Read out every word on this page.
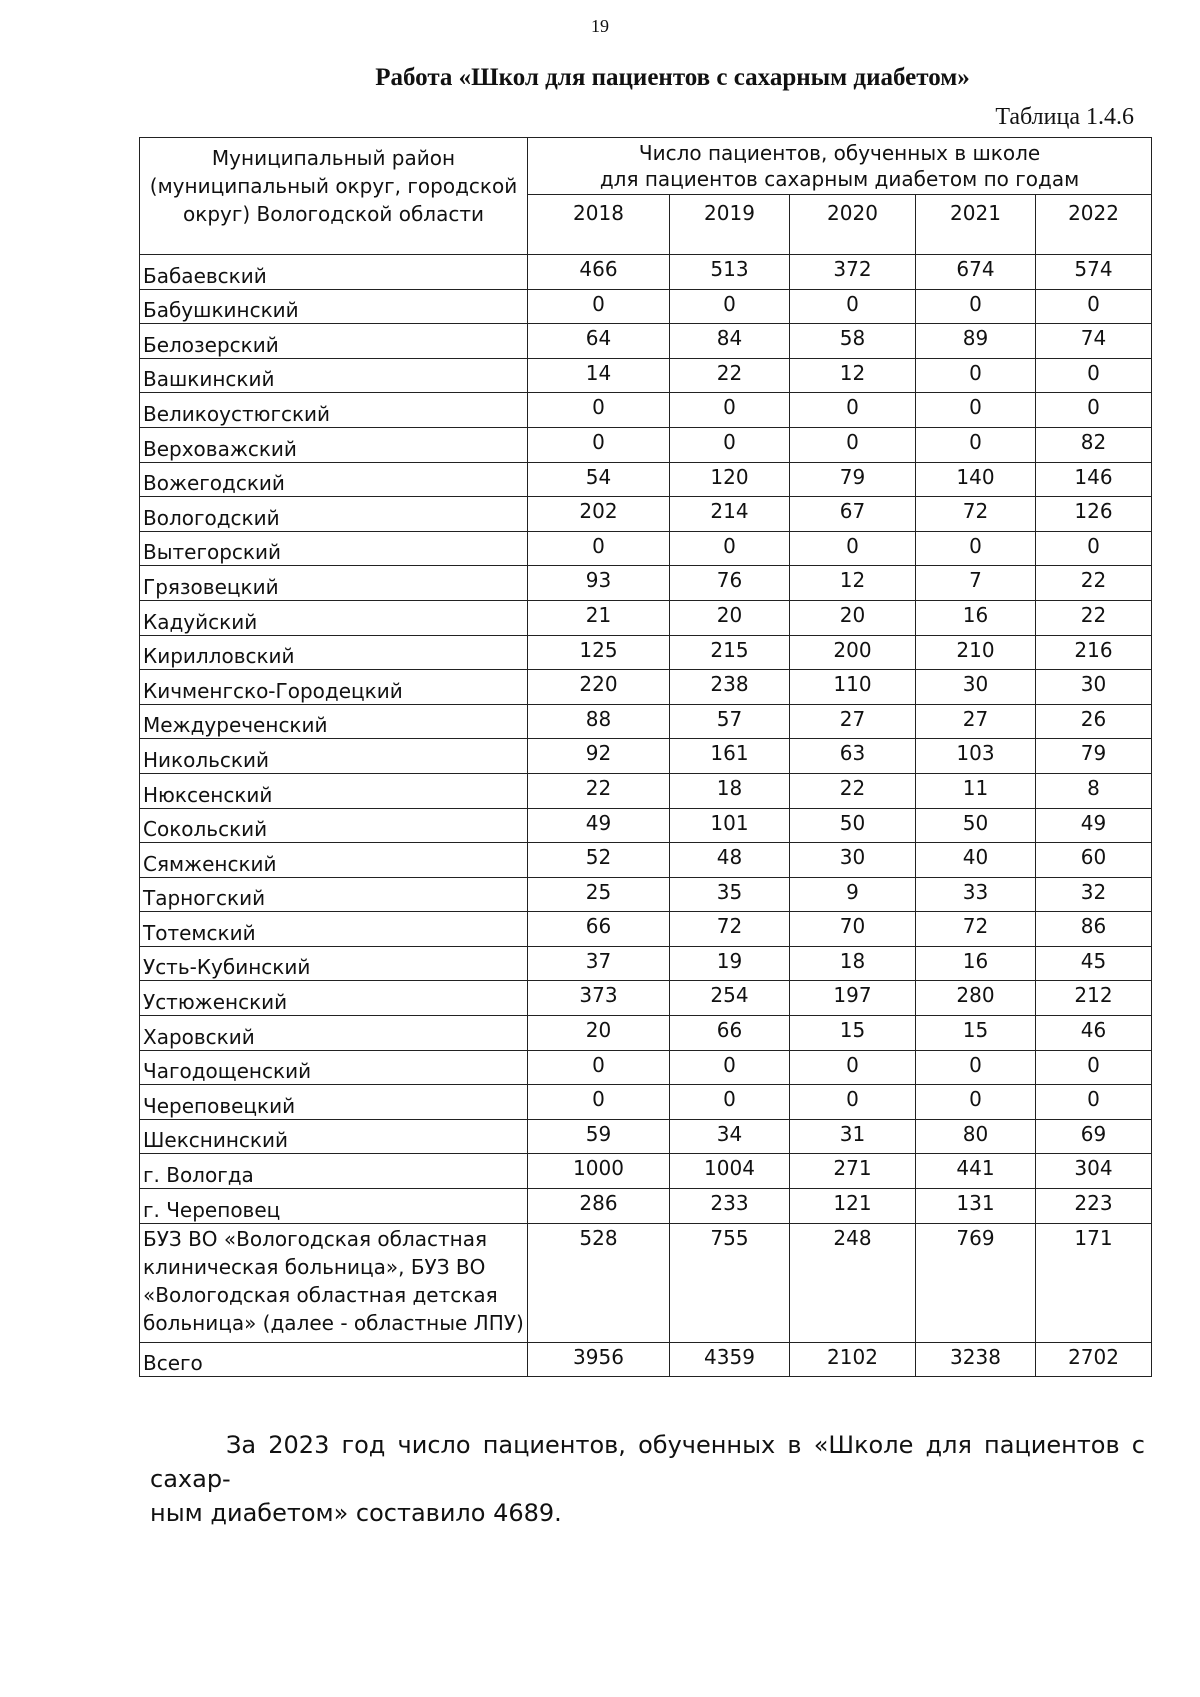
19
Работа «Школ для пациентов с сахарным диабетом»
Таблица 1.4.6
Муниципальный район (муниципальный округ, городской округ) Вологодской области	Число пациентов, обученных в школе
для пациентов сахарным диабетом по годам				

	2018	2019	2020	2021	2022
Бабаевский	466	513	372	674	574
Бабушкинский	0	0	0	0	0
Белозерский	64	84	58	89	74
Вашкинский	14	22	12	0	0
Великоустюгский	0	0	0	0	0
Верховажский	0	0	0	0	82
Вожегодский	54	120	79	140	146
Вологодский	202	214	67	72	126
Вытегорский	0	0	0	0	0
Грязовецкий	93	76	12	7	22
Кадуйский	21	20	20	16	22
Кирилловский	125	215	200	210	216
Кичменгско-Городецкий	220	238	110	30	30
Междуреченский	88	57	27	27	26
Никольский	92	161	63	103	79
Нюксенский	22	18	22	11	8
Сокольский	49	101	50	50	49
Сямженский	52	48	30	40	60
Тарногский	25	35	9	33	32
Тотемский	66	72	70	72	86
Усть-Кубинский	37	19	18	16	45
Устюженский	373	254	197	280	212
Харовский	20	66	15	15	46
Чагодощенский	0	0	0	0	0
Череповецкий	0	0	0	0	0
Шекснинский	59	34	31	80	69
г. Вологда	1000	1004	271	441	304
г. Череповец	286	233	121	131	223
БУЗ ВО «Вологодская областная клиническая больница», БУЗ ВО «Вологодская областная детская больница» (далее - областные ЛПУ)	528	755	248	769	171
Всего	3956	4359	2102	3238	2702
За 2023 год число пациентов, обученных в «Школе для пациентов с сахар-
ным диабетом» составило 4689.
